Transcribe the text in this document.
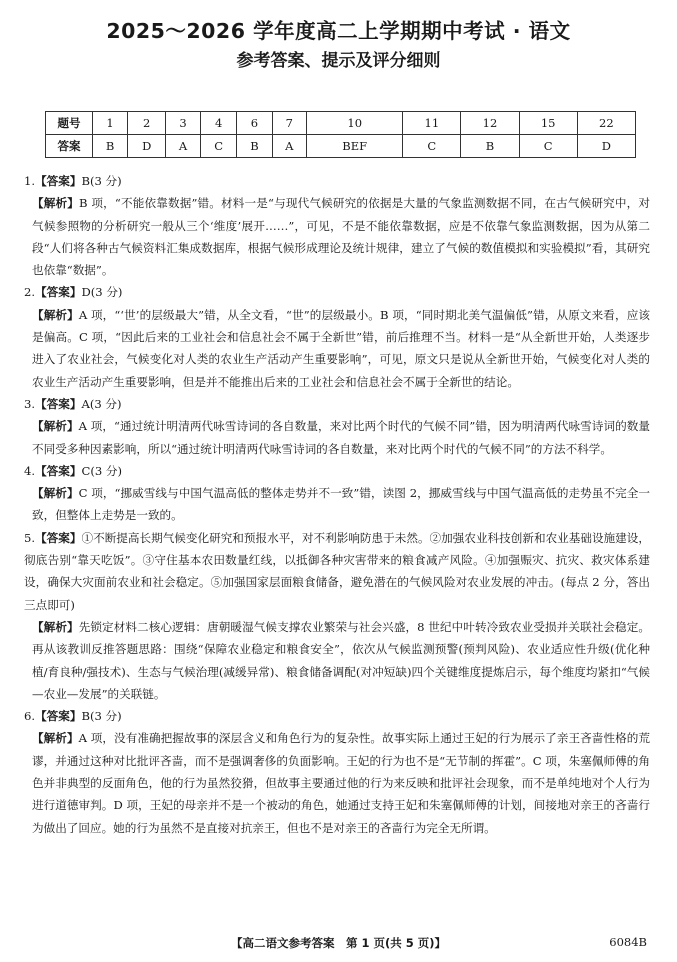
2025～2026 学年度高二上学期期中考试 · 语文
参考答案、提示及评分细则
题号	1	2	3	4	6	7	10	11	12	15	22
答案	B	D	A	C	B	A	BEF	C	B	C	D
1.【答案】B(3 分)
【解析】B 项，“不能依靠数据”错。材料一是“与现代气候研究的依据是大量的气象监测数据不同，在古气候研究中，对气候参照物的分析研究一般从三个‘维度’展开……”，可见，不是不能依靠数据，应是不依靠气象监测数据，因为从第二段“人们将各种古气候资料汇集成数据库，根据气候形成理论及统计规律，建立了气候的数值模拟和实验模拟”看，其研究也依靠“数据”。
2.【答案】D(3 分)
【解析】A 项，“‘世’的层级最大”错，从全文看，“世”的层级最小。B 项，“同时期北美气温偏低”错，从原文来看，应该是偏高。C 项，“因此后来的工业社会和信息社会不属于全新世”错，前后推理不当。材料一是“从全新世开始，人类逐步进入了农业社会，气候变化对人类的农业生产活动产生重要影响”，可见，原文只是说从全新世开始，气候变化对人类的农业生产活动产生重要影响，但是并不能推出后来的工业社会和信息社会不属于全新世的结论。
3.【答案】A(3 分)
【解析】A 项，“通过统计明清两代咏雪诗词的各自数量，来对比两个时代的气候不同”错，因为明清两代咏雪诗词的数量不同受多种因素影响，所以“通过统计明清两代咏雪诗词的各自数量，来对比两个时代的气候不同”的方法不科学。
4.【答案】C(3 分)
【解析】C 项，“挪威雪线与中国气温高低的整体走势并不一致”错，读图 2，挪威雪线与中国气温高低的走势虽不完全一致，但整体上走势是一致的。
5.【答案】①不断提高长期气候变化研究和预报水平，对不利影响防患于未然。②加强农业科技创新和农业基础设施建设，彻底告别“靠天吃饭”。③守住基本农田数量红线，以抵御各种灾害带来的粮食减产风险。④加强赈灾、抗灾、救灾体系建设，确保大灾面前农业和社会稳定。⑤加强国家层面粮食储备，避免潜在的气候风险对农业发展的冲击。(每点 2 分，答出三点即可)
【解析】先锁定材料二核心逻辑：唐朝暖湿气候支撑农业繁荣与社会兴盛，8 世纪中叶转冷致农业受损并关联社会稳定。再从该教训反推答题思路：围绕“保障农业稳定和粮食安全”，依次从气候监测预警(预判风险)、农业适应性升级(优化种植/育良种/强技术)、生态与气候治理(减缓异常)、粮食储备调配(对冲短缺)四个关键维度提炼启示，每个维度均紧扣“气候—农业—发展”的关联链。
6.【答案】B(3 分)
【解析】A 项，没有准确把握故事的深层含义和角色行为的复杂性。故事实际上通过王妃的行为展示了亲王吝啬性格的荒谬，并通过这种对比批评吝啬，而不是强调奢侈的负面影响。王妃的行为也不是“无节制的挥霍”。C 项，朱塞佩师傅的角色并非典型的反面角色，他的行为虽然狡猾，但故事主要通过他的行为来反映和批评社会现象，而不是单纯地对个人行为进行道德审判。D 项，王妃的母亲并不是一个被动的角色，她通过支持王妃和朱塞佩师傅的计划，间接地对亲王的吝啬行为做出了回应。她的行为虽然不是直接对抗亲王，但也不是对亲王的吝啬行为完全无所谓。
【高二语文参考答案　第 1 页(共 5 页)】	6084B
